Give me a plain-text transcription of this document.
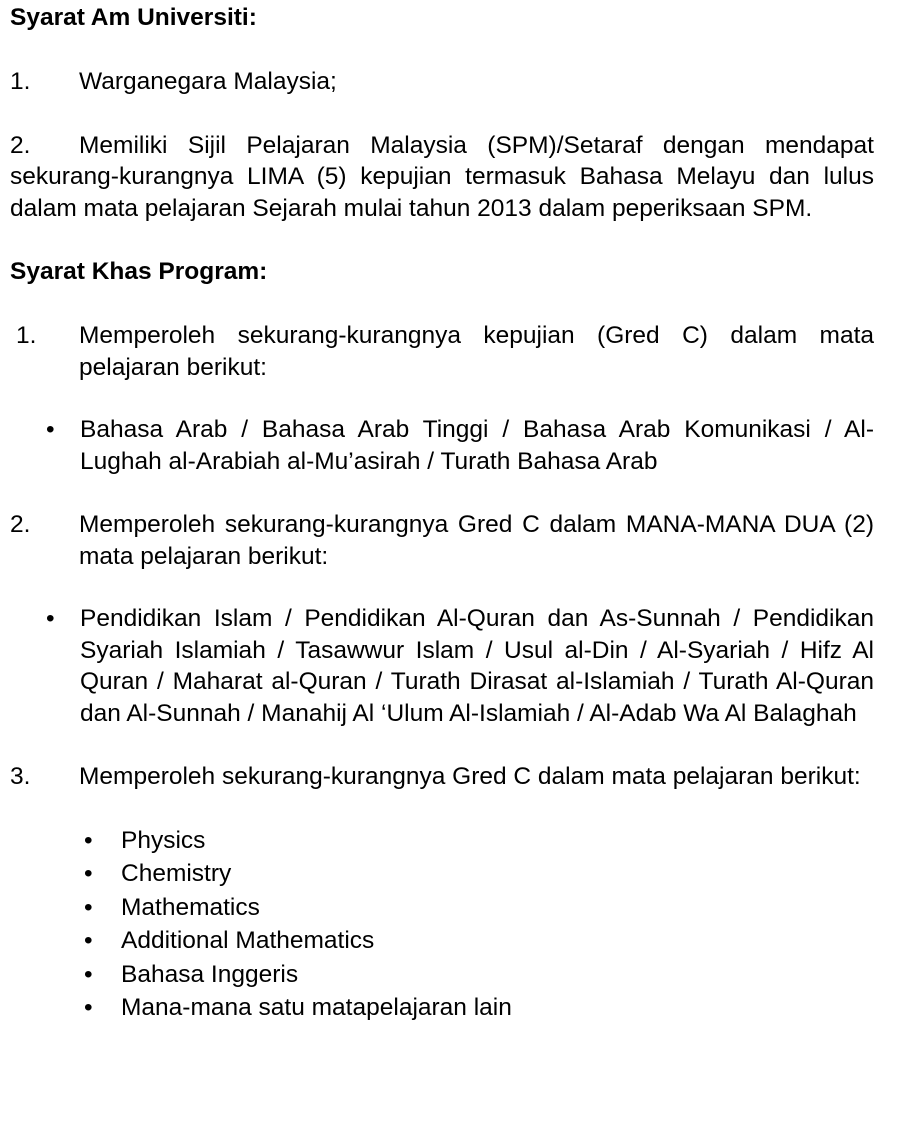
Syarat Am Universiti:

1. Warganegara Malaysia;
2. Memiliki Sijil Pelajaran Malaysia (SPM)/Setaraf dengan mendapat sekurang-kurangnya LIMA (5) kepujian termasuk Bahasa Melayu dan lulus dalam mata pelajaran Sejarah mulai tahun 2013 dalam peperiksaan SPM.

Syarat Khas Program:

1. Memperoleh sekurang-kurangnya kepujian (Gred C) dalam mata pelajaran berikut:
• Bahasa Arab / Bahasa Arab Tinggi / Bahasa Arab Komunikasi / Al-Lughah al-Arabiah al-Mu’asirah / Turath Bahasa Arab
2. Memperoleh sekurang-kurangnya Gred C dalam MANA-MANA DUA (2) mata pelajaran berikut:
• Pendidikan Islam / Pendidikan Al-Quran dan As-Sunnah / Pendidikan Syariah Islamiah / Tasawwur Islam / Usul al-Din / Al-Syariah / Hifz Al Quran / Maharat al-Quran / Turath Dirasat al-Islamiah / Turath Al-Quran dan Al-Sunnah / Manahij Al ‘Ulum Al-Islamiah / Al-Adab Wa Al Balaghah
3. Memperoleh sekurang-kurangnya Gred C dalam mata pelajaran berikut:
• Physics
• Chemistry
• Mathematics
• Additional Mathematics
• Bahasa Inggeris
• Mana-mana satu matapelajaran lain
